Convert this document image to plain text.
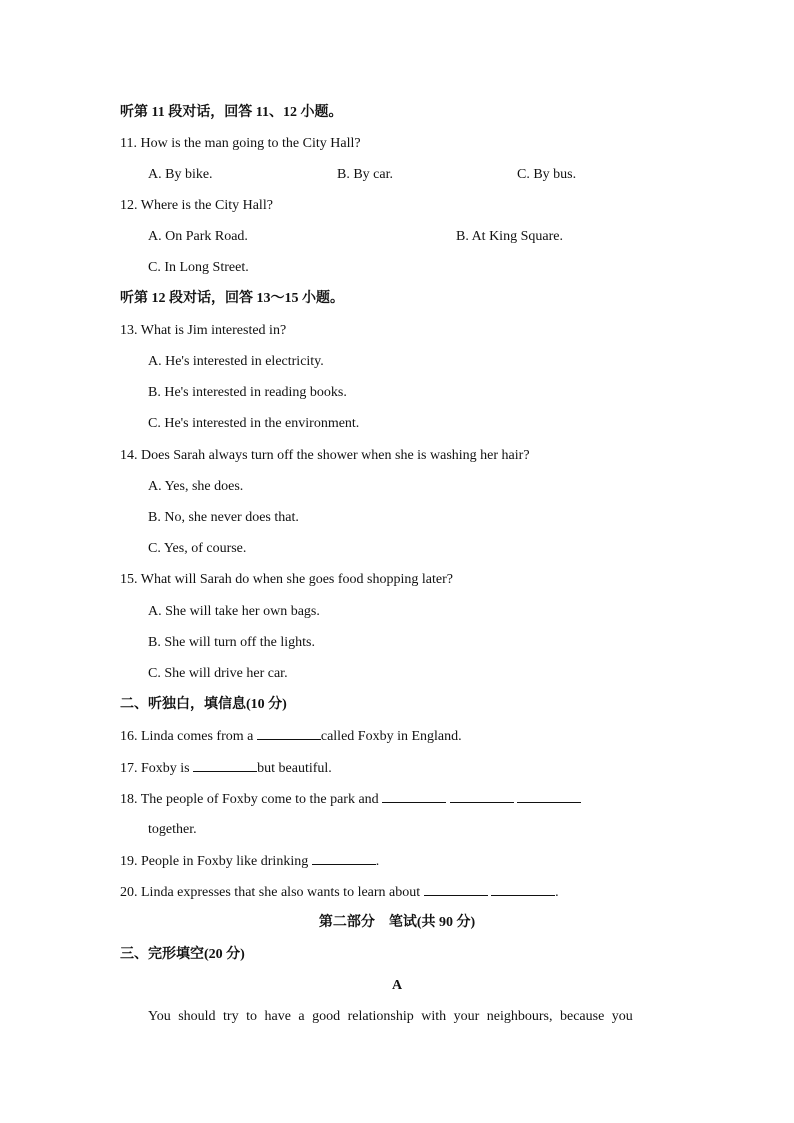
听第 11 段对话，回答 11、12 小题。
11. How is the man going to the City Hall?
A. By bike.	B. By car.	C. By bus.
12. Where is the City Hall?
A. On Park Road.	B. At King Square.
C. In Long Street.
听第 12 段对话，回答 13～15 小题。
13. What is Jim interested in?
A. He's interested in electricity.
B. He's interested in reading books.
C. He's interested in the environment.
14. Does Sarah always turn off the shower when she is washing her hair?
A. Yes, she does.
B. No, she never does that.
C. Yes, of course.
15. What will Sarah do when she goes food shopping later?
A. She will take her own bags.
B. She will turn off the lights.
C. She will drive her car.
二、听独白，填信息(10 分)
16. Linda comes from a	called Foxby in England.
17. Foxby is	but beautiful.
18. The people of Foxby come to the park and
together.
19. People in Foxby like drinking	.
20. Linda expresses that she also wants to learn about	.
第二部分　笔试(共 90 分)
三、完形填空(20 分)
A
You should try to have a good relationship with your neighbours, because you
